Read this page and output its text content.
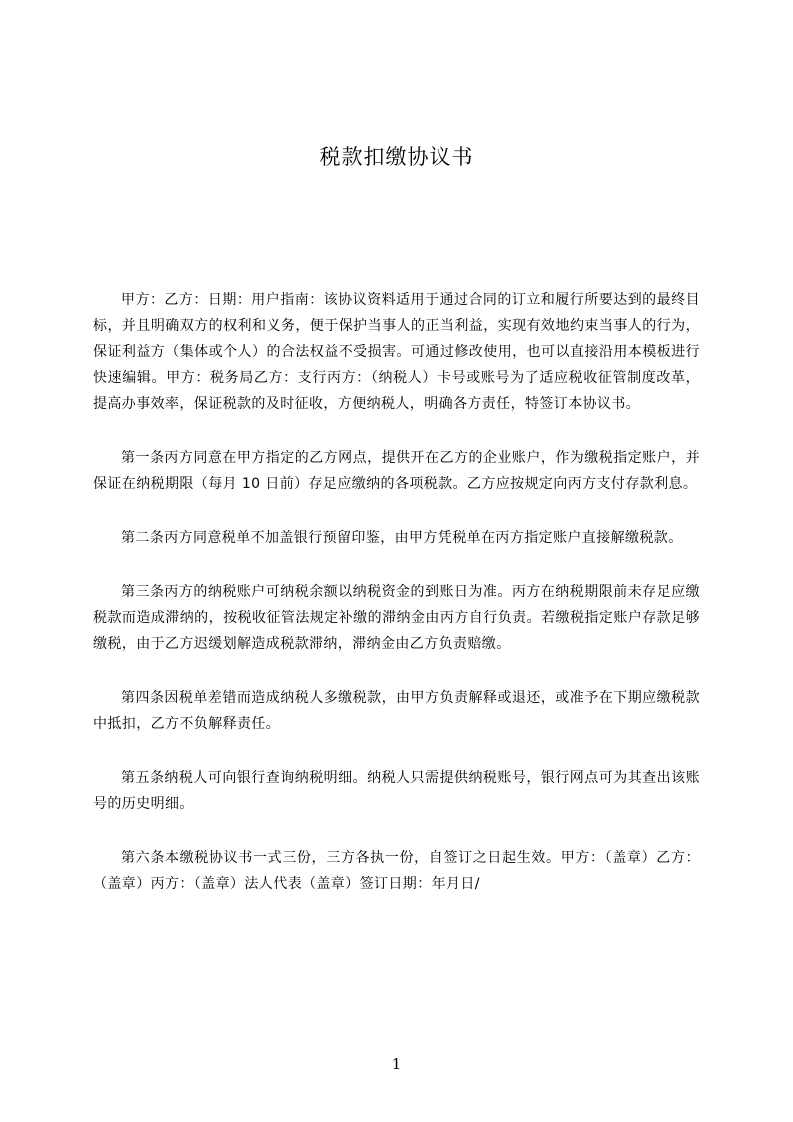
税款扣缴协议书

甲方：乙方：日期：用户指南：该协议资料适用于通过合同的订立和履行所要达到的最终目标，并且明确双方的权利和义务，便于保护当事人的正当利益，实现有效地约束当事人的行为，保证利益方（集体或个人）的合法权益不受损害。可通过修改使用，也可以直接沿用本模板进行快速编辑。甲方：税务局乙方：支行丙方：（纳税人）卡号或账号为了适应税收征管制度改革，提高办事效率，保证税款的及时征收，方便纳税人，明确各方责任，特签订本协议书。

第一条丙方同意在甲方指定的乙方网点，提供开在乙方的企业账户，作为缴税指定账户，并保证在纳税期限（每月 10 日前）存足应缴纳的各项税款。乙方应按规定向丙方支付存款利息。

第二条丙方同意税单不加盖银行预留印鉴，由甲方凭税单在丙方指定账户直接解缴税款。

第三条丙方的纳税账户可纳税余额以纳税资金的到账日为准。丙方在纳税期限前未存足应缴税款而造成滞纳的，按税收征管法规定补缴的滞纳金由丙方自行负责。若缴税指定账户存款足够缴税，由于乙方迟缓划解造成税款滞纳，滞纳金由乙方负责赔缴。

第四条因税单差错而造成纳税人多缴税款，由甲方负责解释或退还，或准予在下期应缴税款中抵扣，乙方不负解释责任。

第五条纳税人可向银行查询纳税明细。纳税人只需提供纳税账号，银行网点可为其查出该账号的历史明细。

第六条本缴税协议书一式三份，三方各执一份，自签订之日起生效。甲方：（盖章）乙方：（盖章）丙方：（盖章）法人代表（盖章）签订日期：年月日/

1
